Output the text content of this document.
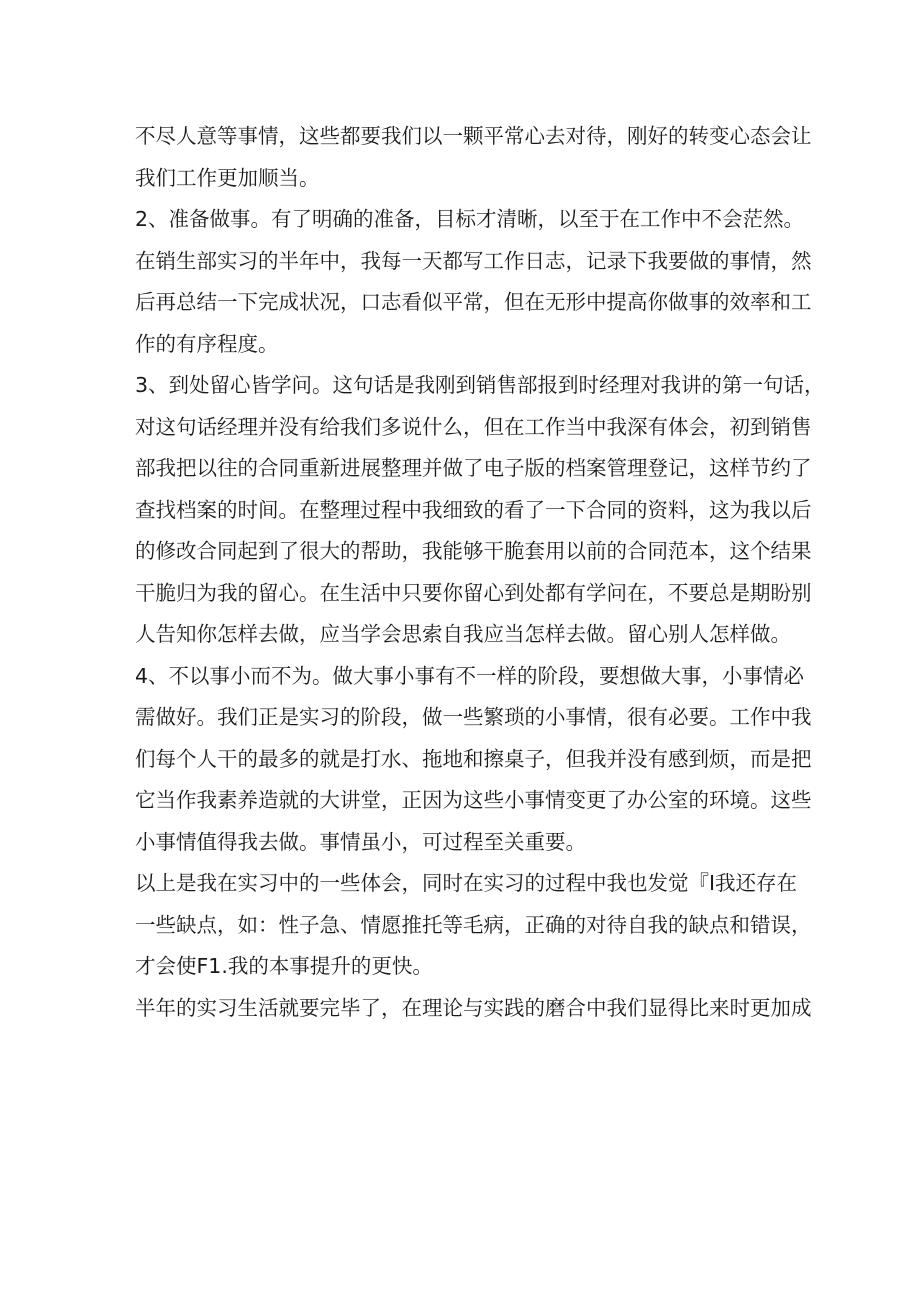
不尽人意等事情，这些都要我们以一颗平常心去对待，刚好的转变心态会让
我们工作更加顺当。
2、准备做事。有了明确的准备，目标才清晰，以至于在工作中不会茫然。
在销生部实习的半年中，我每一天都写工作日志，记录下我要做的事情，然
后再总结一下完成状况，口志看似平常，但在无形中提高你做事的效率和工
作的有序程度。
3、到处留心皆学问。这句话是我刚到销售部报到时经理对我讲的第一句话，
对这句话经理并没有给我们多说什么，但在工作当中我深有体会，初到销售
部我把以往的合同重新进展整理并做了电子版的档案管理登记，这样节约了
查找档案的时间。在整理过程中我细致的看了一下合同的资料，这为我以后
的修改合同起到了很大的帮助，我能够干脆套用以前的合同范本，这个结果
干脆归为我的留心。在生活中只要你留心到处都有学问在，不要总是期盼别
人告知你怎样去做，应当学会思索自我应当怎样去做。留心别人怎样做。
4、不以事小而不为。做大事小事有不一样的阶段，要想做大事，小事情必
需做好。我们正是实习的阶段，做一些繁琐的小事情，很有必要。工作中我
们每个人干的最多的就是打水、拖地和擦桌子，但我并没有感到烦，而是把
它当作我素养造就的大讲堂，正因为这些小事情变更了办公室的环境。这些
小事情值得我去做。事情虽小，可过程至关重要。
以上是我在实习中的一些体会，同时在实习的过程中我也发觉『I我还存在
一些缺点，如：性子急、情愿推托等毛病，正确的对待自我的缺点和错误，
才会使F1.我的本事提升的更快。
半年的实习生活就要完毕了，在理论与实践的磨合中我们显得比来时更加成
